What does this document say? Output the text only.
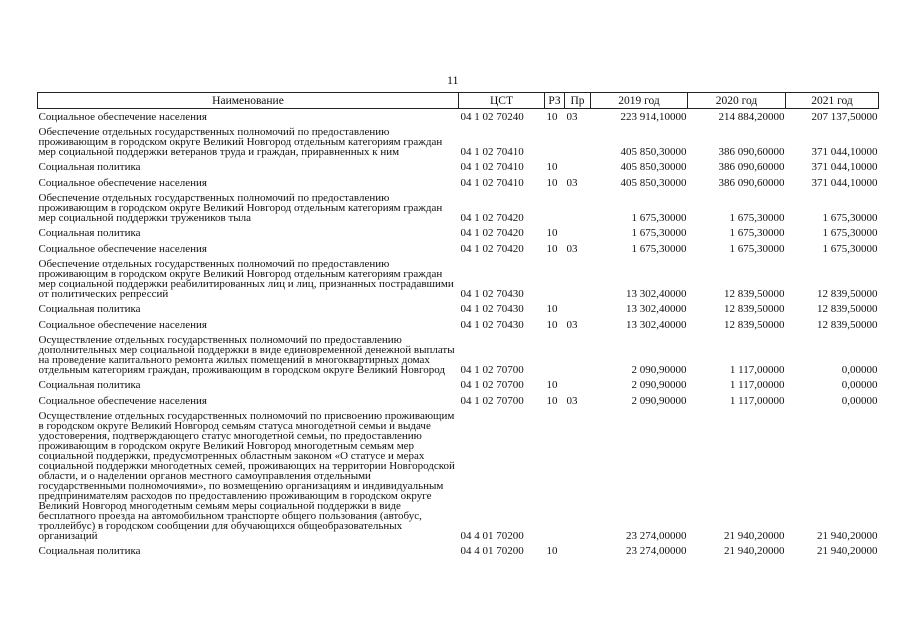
11
Наименование	ЦСТ	РЗ	Пр	2019 год	2020 год	2021 год
Социальное обеспечение населения	04 1 02 70240	10	03	223 914,10000	214 884,20000	207 137,50000
Обеспечение отдельных государственных полномочий по предоставлению проживающим в городском округе Великий Новгород отдельным категориям граждан мер социальной поддержки ветеранов труда и граждан, приравненных к ним	04 1 02 70410			405 850,30000	386 090,60000	371 044,10000
Социальная политика	04 1 02 70410	10		405 850,30000	386 090,60000	371 044,10000
Социальное обеспечение населения	04 1 02 70410	10	03	405 850,30000	386 090,60000	371 044,10000
Обеспечение отдельных государственных полномочий по предоставлению проживающим в городском округе Великий Новгород отдельным категориям граждан мер социальной поддержки тружеников тыла	04 1 02 70420			1 675,30000	1 675,30000	1 675,30000
Социальная политика	04 1 02 70420	10		1 675,30000	1 675,30000	1 675,30000
Социальное обеспечение населения	04 1 02 70420	10	03	1 675,30000	1 675,30000	1 675,30000
Обеспечение отдельных государственных полномочий по предоставлению проживающим в городском округе Великий Новгород отдельным категориям граждан мер социальной поддержки реабилитированных лиц и лиц, признанных пострадавшими от политических репрессий	04 1 02 70430			13 302,40000	12 839,50000	12 839,50000
Социальная политика	04 1 02 70430	10		13 302,40000	12 839,50000	12 839,50000
Социальное обеспечение населения	04 1 02 70430	10	03	13 302,40000	12 839,50000	12 839,50000
Осуществление отдельных государственных полномочий по предоставлению дополнительных мер социальной поддержки в виде единовременной денежной выплаты на проведение капитального ремонта жилых помещений в многоквартирных домах отдельным категориям граждан, проживающим в городском округе Великий Новгород	04 1 02 70700			2 090,90000	1 117,00000	0,00000
Социальная политика	04 1 02 70700	10		2 090,90000	1 117,00000	0,00000
Социальное обеспечение населения	04 1 02 70700	10	03	2 090,90000	1 117,00000	0,00000
Осуществление отдельных государственных полномочий по присвоению проживающим в городском округе Великий Новгород семьям статуса многодетной семьи и выдаче удостоверения, подтверждающего статус многодетной семьи, по предоставлению проживающим в городском округе Великий Новгород многодетным семьям мер социальной поддержки, предусмотренных областным законом «О статусе и мерах социальной поддержки многодетных семей, проживающих на территории Новгородской области, и о наделении органов местного самоуправления отдельными государственными полномочиями», по возмещению организациям и индивидуальным предпринимателям расходов по предоставлению проживающим в городском округе Великий Новгород многодетным семьям меры социальной поддержки в виде бесплатного проезда на автомобильном транспорте общего пользования (автобус, троллейбус) в городском сообщении для обучающихся общеобразовательных организаций	04 4 01 70200			23 274,00000	21 940,20000	21 940,20000
Социальная политика	04 4 01 70200	10		23 274,00000	21 940,20000	21 940,20000
